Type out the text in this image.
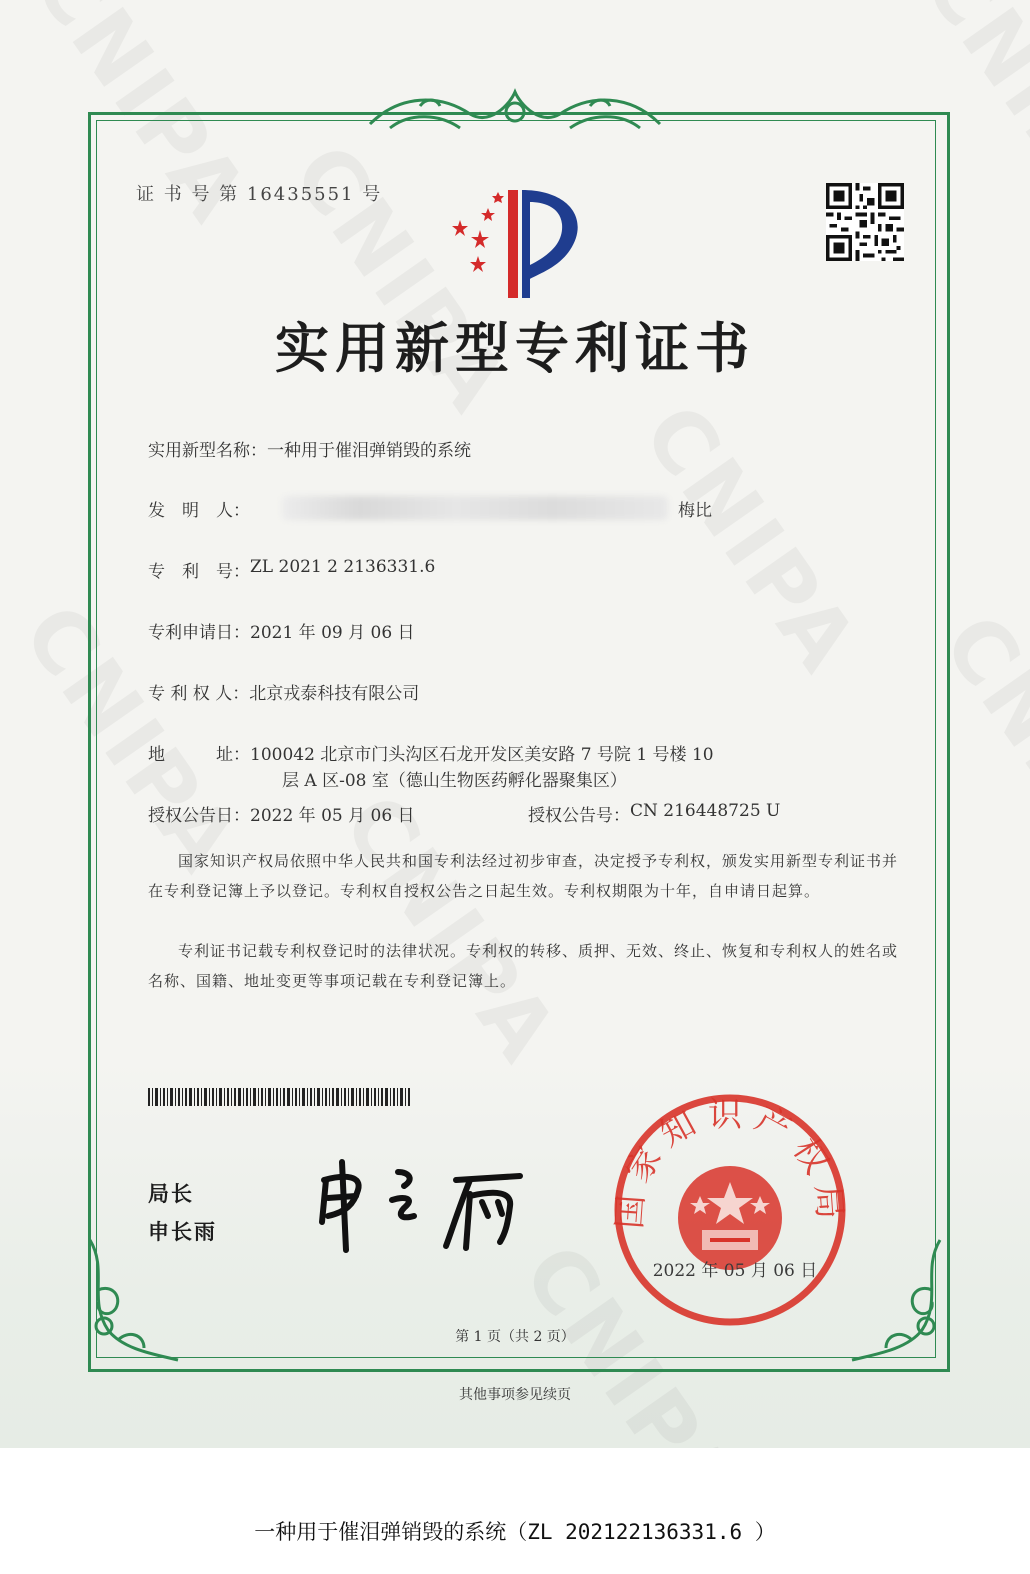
证 书 号 第 16435551 号
实用新型专利证书
实用新型名称： 一种用于催泪弹销毁的系统
发　明　人：	梅比
专　利　号： ZL 2021 2 2136331.6
专利申请日： 2021 年 09 月 06 日
专 利 权 人： 北京戎泰科技有限公司
地　　　址： 100042 北京市门头沟区石龙开发区美安路 7 号院 1 号楼 10
层 A 区-08 室（德山生物医药孵化器聚集区）
授权公告日： 2022 年 05 月 06 日	授权公告号： CN 216448725 U
国家知识产权局依照中华人民共和国专利法经过初步审查，决定授予专利权，颁发实用新型专利证书并在专利登记簿上予以登记。专利权自授权公告之日起生效。专利权期限为十年，自申请日起算。
专利证书记载专利权登记时的法律状况。专利权的转移、质押、无效、终止、恢复和专利权人的姓名或名称、国籍、地址变更等事项记载在专利登记簿上。
局长
申长雨
国家知识产权局
2022 年 05 月 06 日
第 1 页（共 2 页）
其他事项参见续页
一种用于催泪弹销毁的系统（ZL 202122136331.6 ）
